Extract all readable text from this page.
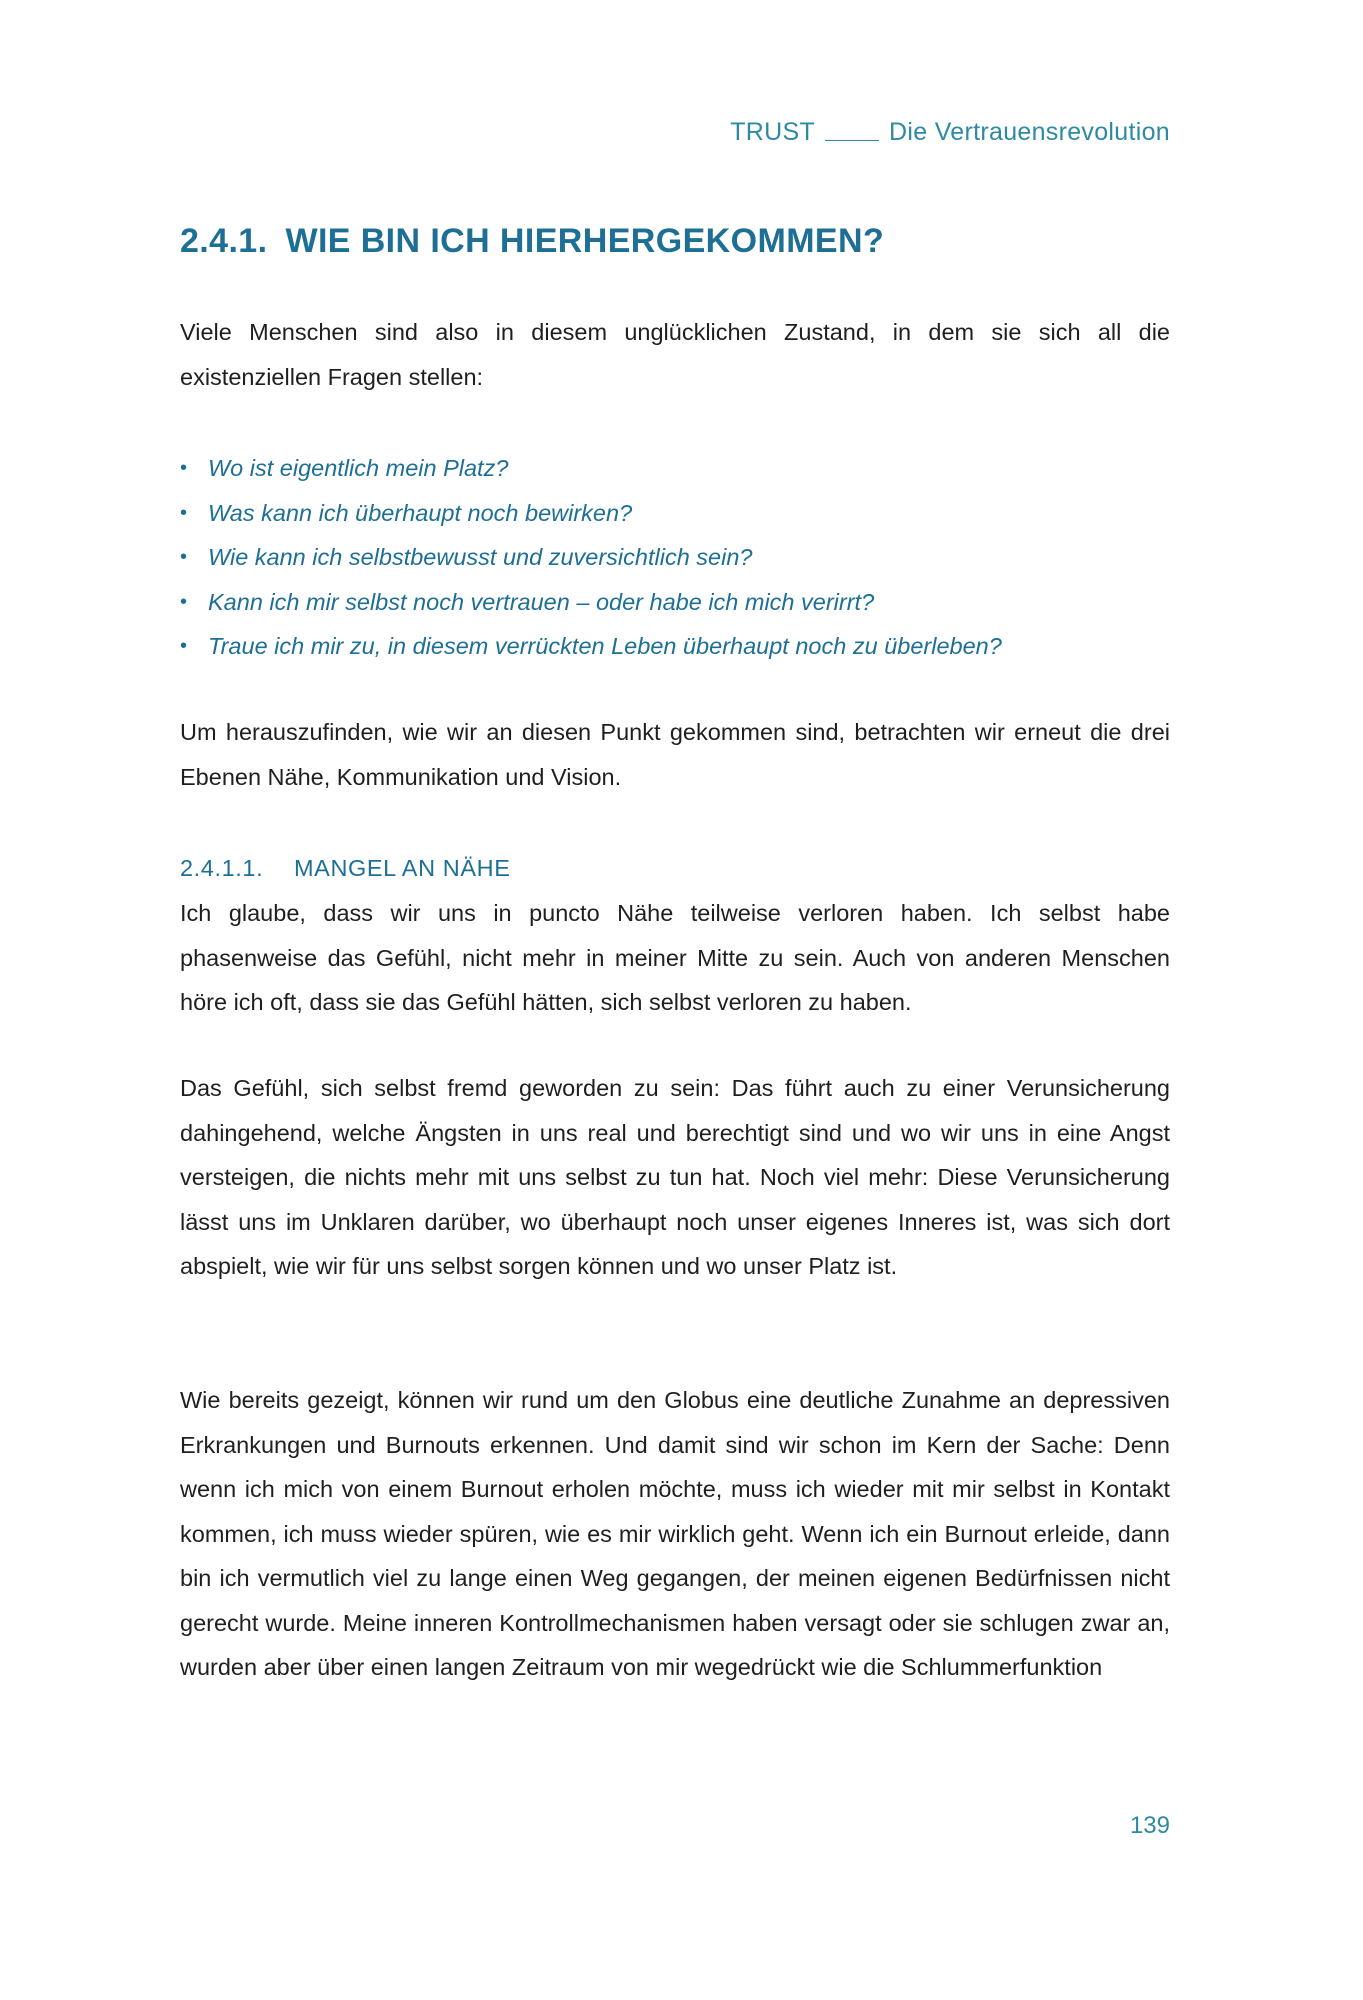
TRUST	Die Vertrauensrevolution
2.4.1. WIE BIN ICH HIERHERGEKOMMEN?

Viele Menschen sind also in diesem unglücklichen Zustand, in dem sie sich all die existenziellen Fragen stellen:

• Wo ist eigentlich mein Platz?
• Was kann ich überhaupt noch bewirken?
• Wie kann ich selbstbewusst und zuversichtlich sein?
• Kann ich mir selbst noch vertrauen – oder habe ich mich verirrt?
• Traue ich mir zu, in diesem verrückten Leben überhaupt noch zu überleben?

Um herauszufinden, wie wir an diesen Punkt gekommen sind, betrachten wir erneut die drei Ebenen Nähe, Kommunikation und Vision.

2.4.1.1.	MANGEL AN NÄHE

Ich glaube, dass wir uns in puncto Nähe teilweise verloren haben. Ich selbst habe phasenweise das Gefühl, nicht mehr in meiner Mitte zu sein. Auch von anderen Menschen höre ich oft, dass sie das Gefühl hätten, sich selbst verloren zu haben.

Das Gefühl, sich selbst fremd geworden zu sein: Das führt auch zu einer Verunsicherung dahingehend, welche Ängsten in uns real und berechtigt sind und wo wir uns in eine Angst versteigen, die nichts mehr mit uns selbst zu tun hat. Noch viel mehr: Diese Verunsicherung lässt uns im Unklaren darüber, wo überhaupt noch unser eigenes Inneres ist, was sich dort abspielt, wie wir für uns selbst sorgen können und wo unser Platz ist.

Wie bereits gezeigt, können wir rund um den Globus eine deutliche Zunahme an depressiven Erkrankungen und Burnouts erkennen. Und damit sind wir schon im Kern der Sache: Denn wenn ich mich von einem Burnout erholen möchte, muss ich wieder mit mir selbst in Kontakt kommen, ich muss wieder spüren, wie es mir wirklich geht. Wenn ich ein Burnout erleide, dann bin ich vermutlich viel zu lange einen Weg gegangen, der meinen eigenen Bedürfnissen nicht gerecht wurde. Meine inneren Kontrollmechanismen haben versagt oder sie schlugen zwar an, wurden aber über einen langen Zeitraum von mir wegedrückt wie die Schlummerfunktion

139
